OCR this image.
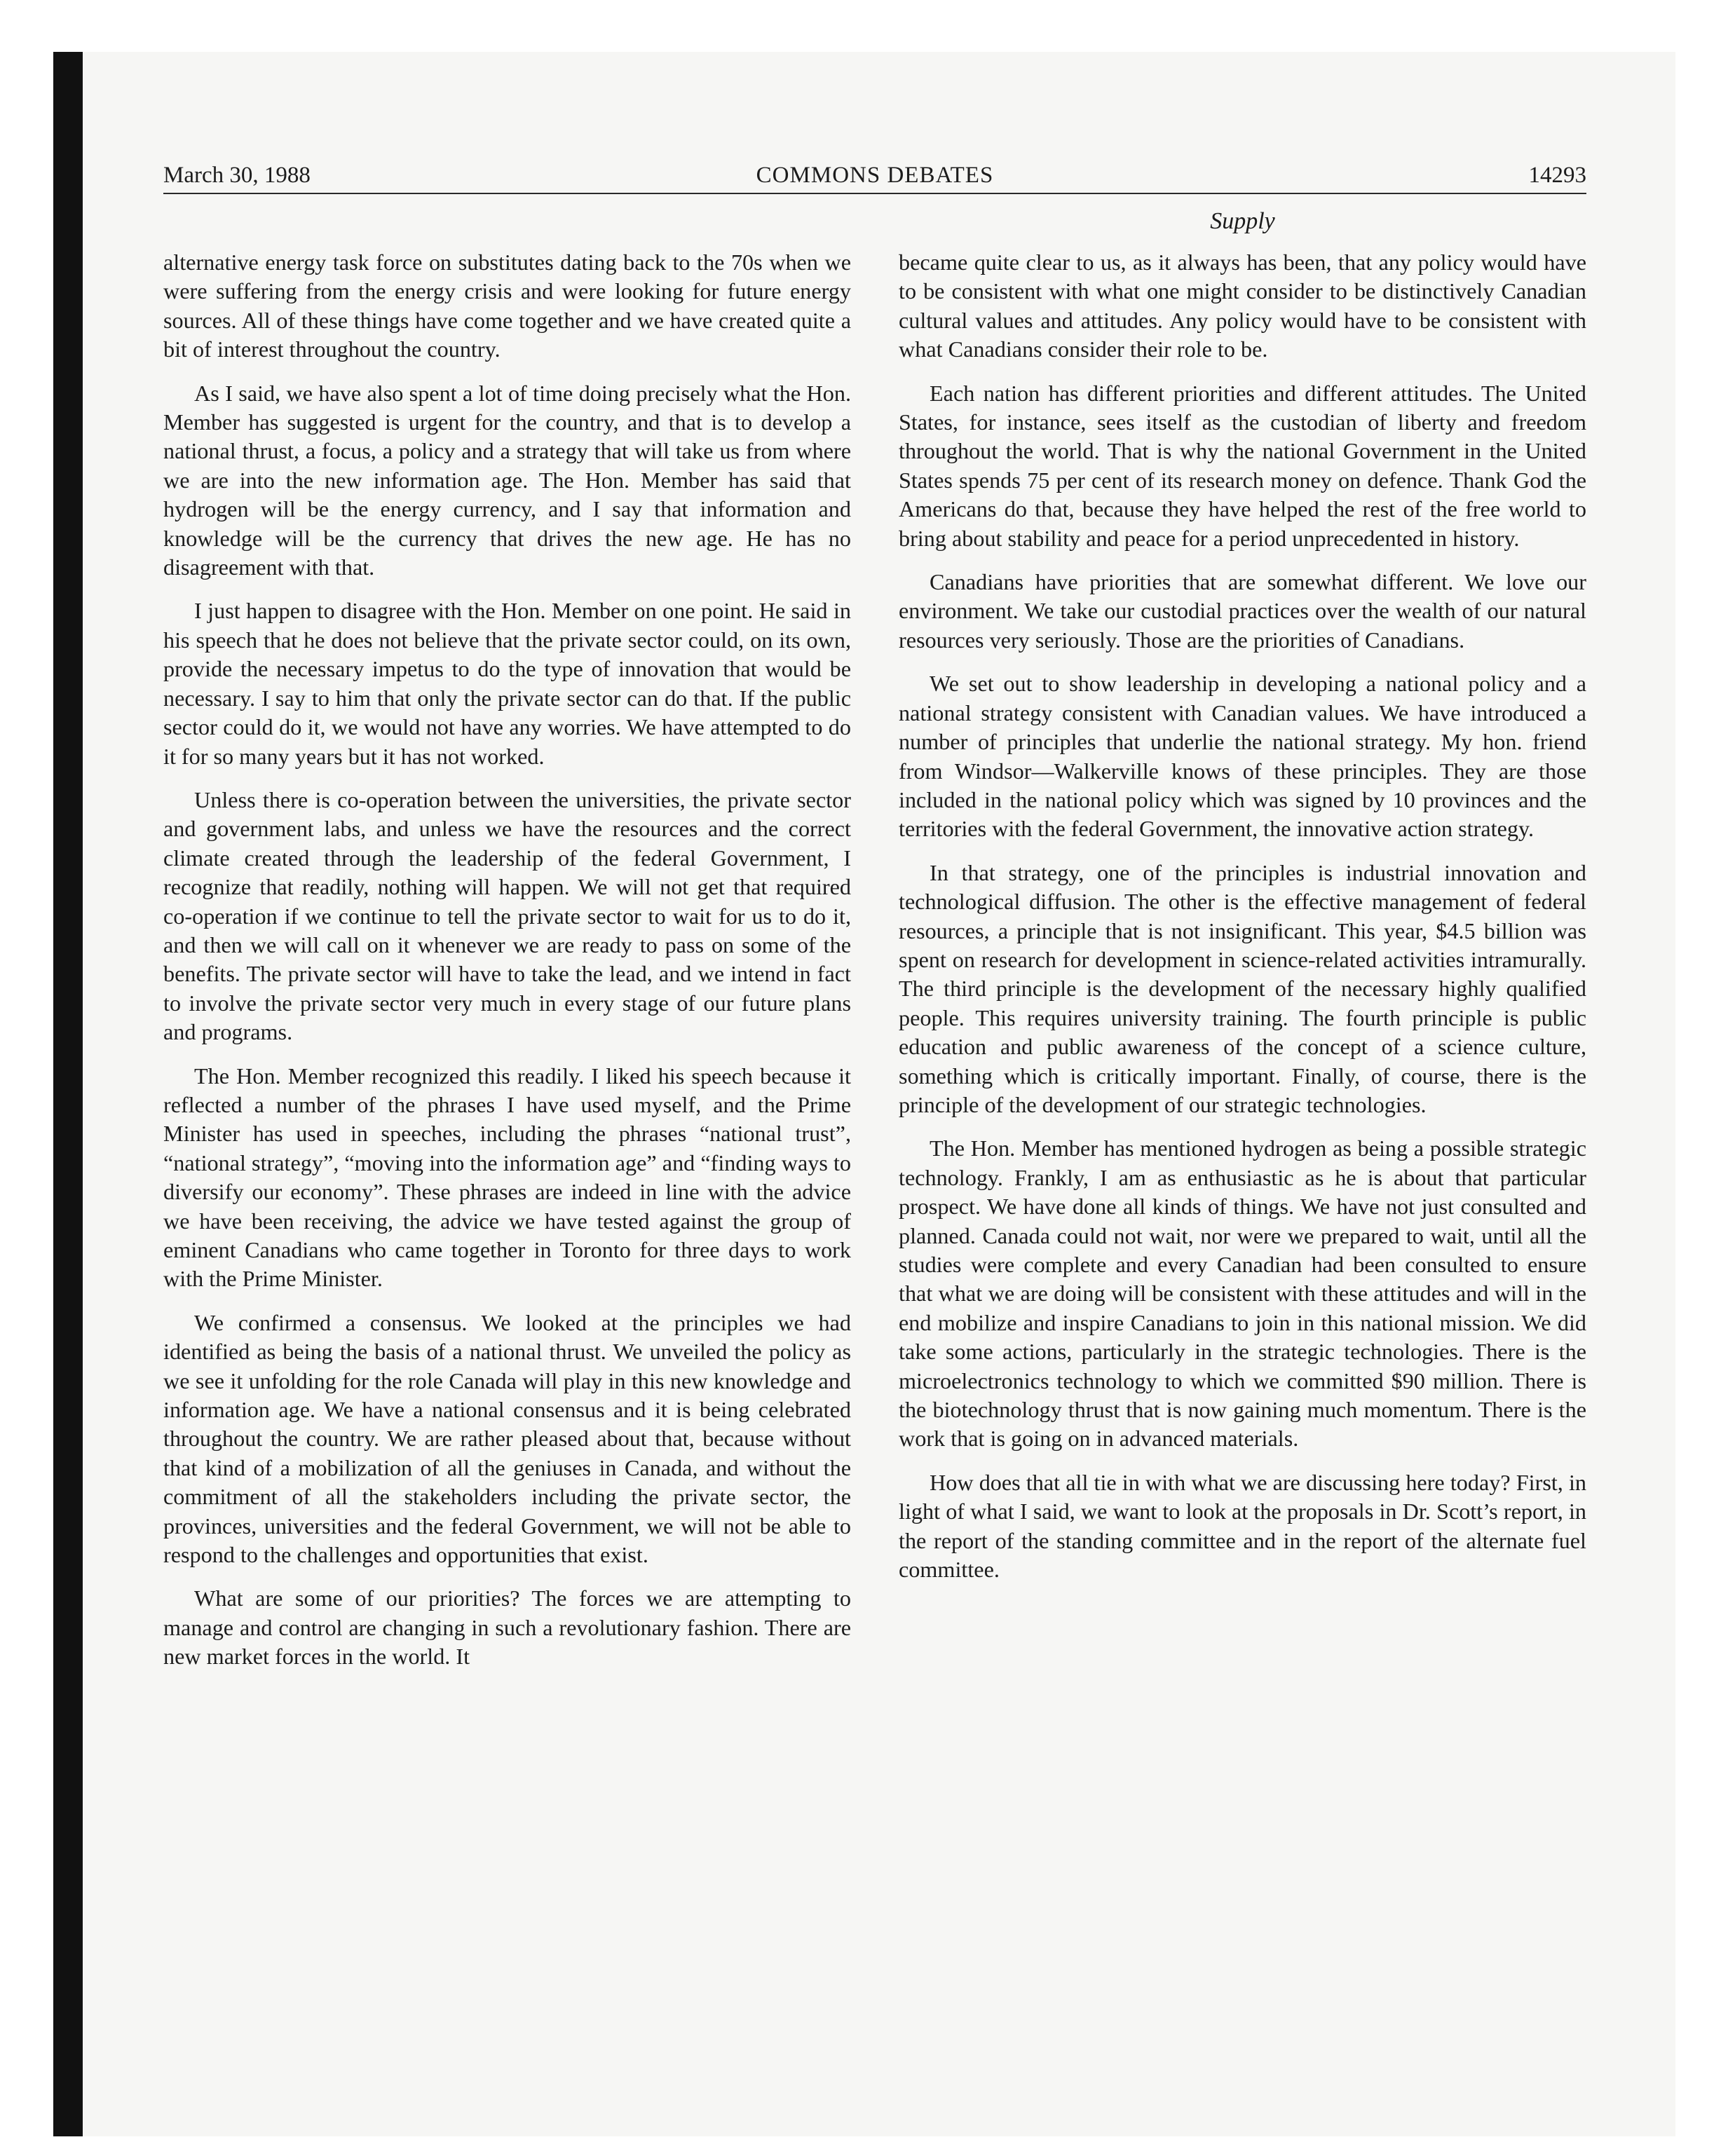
March 30, 1988	COMMONS DEBATES	14293
Supply

alternative energy task force on substitutes dating back to the 70s when we were suffering from the energy crisis and were looking for future energy sources. All of these things have come together and we have created quite a bit of interest throughout the country.

As I said, we have also spent a lot of time doing precisely what the Hon. Member has suggested is urgent for the country, and that is to develop a national thrust, a focus, a policy and a strategy that will take us from where we are into the new information age. The Hon. Member has said that hydrogen will be the energy currency, and I say that information and knowledge will be the currency that drives the new age. He has no disagreement with that.

I just happen to disagree with the Hon. Member on one point. He said in his speech that he does not believe that the private sector could, on its own, provide the necessary impetus to do the type of innovation that would be necessary. I say to him that only the private sector can do that. If the public sector could do it, we would not have any worries. We have attempted to do it for so many years but it has not worked.

Unless there is co-operation between the universities, the private sector and government labs, and unless we have the resources and the correct climate created through the leadership of the federal Government, I recognize that readily, nothing will happen. We will not get that required co-operation if we continue to tell the private sector to wait for us to do it, and then we will call on it whenever we are ready to pass on some of the benefits. The private sector will have to take the lead, and we intend in fact to involve the private sector very much in every stage of our future plans and programs.

The Hon. Member recognized this readily. I liked his speech because it reflected a number of the phrases I have used myself, and the Prime Minister has used in speeches, including the phrases “national trust”, “national strategy”, “moving into the information age” and “finding ways to diversify our economy”. These phrases are indeed in line with the advice we have been receiving, the advice we have tested against the group of eminent Canadians who came together in Toronto for three days to work with the Prime Minister.

We confirmed a consensus. We looked at the principles we had identified as being the basis of a national thrust. We unveiled the policy as we see it unfolding for the role Canada will play in this new knowledge and information age. We have a national consensus and it is being celebrated throughout the country. We are rather pleased about that, because without that kind of a mobilization of all the geniuses in Canada, and without the commitment of all the stakeholders including the private sector, the provinces, universities and the federal Government, we will not be able to respond to the challenges and opportunities that exist.

What are some of our priorities? The forces we are attempting to manage and control are changing in such a revolutionary fashion. There are new market forces in the world. It

became quite clear to us, as it always has been, that any policy would have to be consistent with what one might consider to be distinctively Canadian cultural values and attitudes. Any policy would have to be consistent with what Canadians consider their role to be.

Each nation has different priorities and different attitudes. The United States, for instance, sees itself as the custodian of liberty and freedom throughout the world. That is why the national Government in the United States spends 75 per cent of its research money on defence. Thank God the Americans do that, because they have helped the rest of the free world to bring about stability and peace for a period unprecedented in history.

Canadians have priorities that are somewhat different. We love our environment. We take our custodial practices over the wealth of our natural resources very seriously. Those are the priorities of Canadians.

We set out to show leadership in developing a national policy and a national strategy consistent with Canadian values. We have introduced a number of principles that underlie the national strategy. My hon. friend from Windsor—Walkerville knows of these principles. They are those included in the national policy which was signed by 10 provinces and the territories with the federal Government, the innovative action strategy.

In that strategy, one of the principles is industrial innovation and technological diffusion. The other is the effective management of federal resources, a principle that is not insignificant. This year, $4.5 billion was spent on research for development in science-related activities intramurally. The third principle is the development of the necessary highly qualified people. This requires university training. The fourth principle is public education and public awareness of the concept of a science culture, something which is critically important. Finally, of course, there is the principle of the development of our strategic technologies.

The Hon. Member has mentioned hydrogen as being a possible strategic technology. Frankly, I am as enthusiastic as he is about that particular prospect. We have done all kinds of things. We have not just consulted and planned. Canada could not wait, nor were we prepared to wait, until all the studies were complete and every Canadian had been consulted to ensure that what we are doing will be consistent with these attitudes and will in the end mobilize and inspire Canadians to join in this national mission. We did take some actions, particularly in the strategic technologies. There is the microelectronics technology to which we committed $90 million. There is the biotechnology thrust that is now gaining much momentum. There is the work that is going on in advanced materials.

How does that all tie in with what we are discussing here today? First, in light of what I said, we want to look at the proposals in Dr. Scott’s report, in the report of the standing committee and in the report of the alternate fuel committee.
